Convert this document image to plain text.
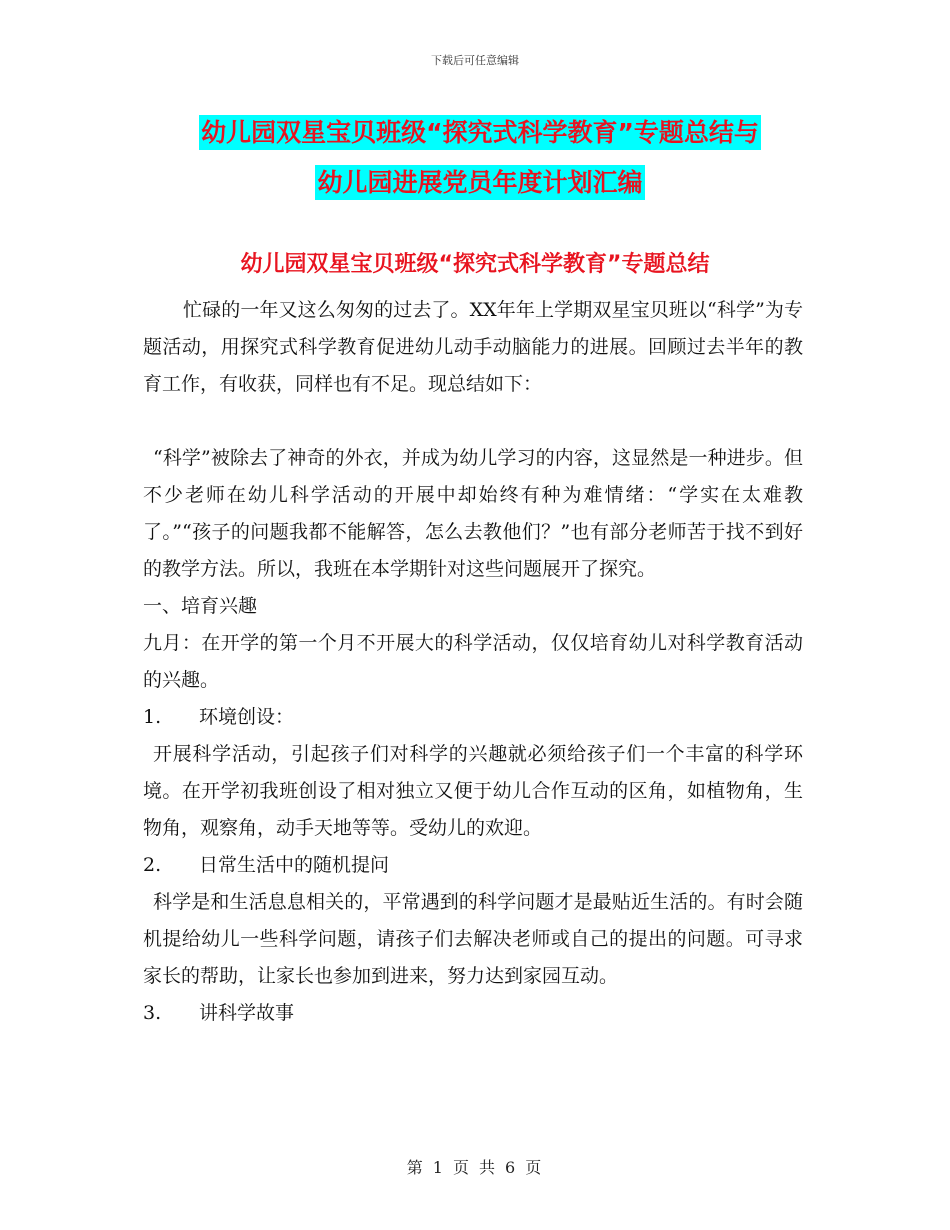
下载后可任意编辑
幼儿园双星宝贝班级“探究式科学教育”专题总结与
幼儿园进展党员年度计划汇编
幼儿园双星宝贝班级“探究式科学教育”专题总结

忙碌的一年又这么匆匆的过去了。XX年年上学期双星宝贝班以“科学”为专题活动，用探究式科学教育促进幼儿动手动脑能力的进展。回顾过去半年的教育工作，有收获，同样也有不足。现总结如下：

“科学”被除去了神奇的外衣，并成为幼儿学习的内容，这显然是一种进步。但不少老师在幼儿科学活动的开展中却始终有种为难情绪：“学实在太难教了。”“孩子的问题我都不能解答，怎么去教他们？”也有部分老师苦于找不到好的教学方法。所以，我班在本学期针对这些问题展开了探究。

一、培育兴趣

九月：在开学的第一个月不开展大的科学活动，仅仅培育幼儿对科学教育活动的兴趣。

1. 环境创设：

开展科学活动，引起孩子们对科学的兴趣就必须给孩子们一个丰富的科学环境。在开学初我班创设了相对独立又便于幼儿合作互动的区角，如植物角，生物角，观察角，动手天地等等。受幼儿的欢迎。

2. 日常生活中的随机提问

科学是和生活息息相关的，平常遇到的科学问题才是最贴近生活的。有时会随机提给幼儿一些科学问题，请孩子们去解决老师或自己的提出的问题。可寻求家长的帮助，让家长也参加到进来，努力达到家园互动。

3. 讲科学故事

第 1 页 共 6 页
